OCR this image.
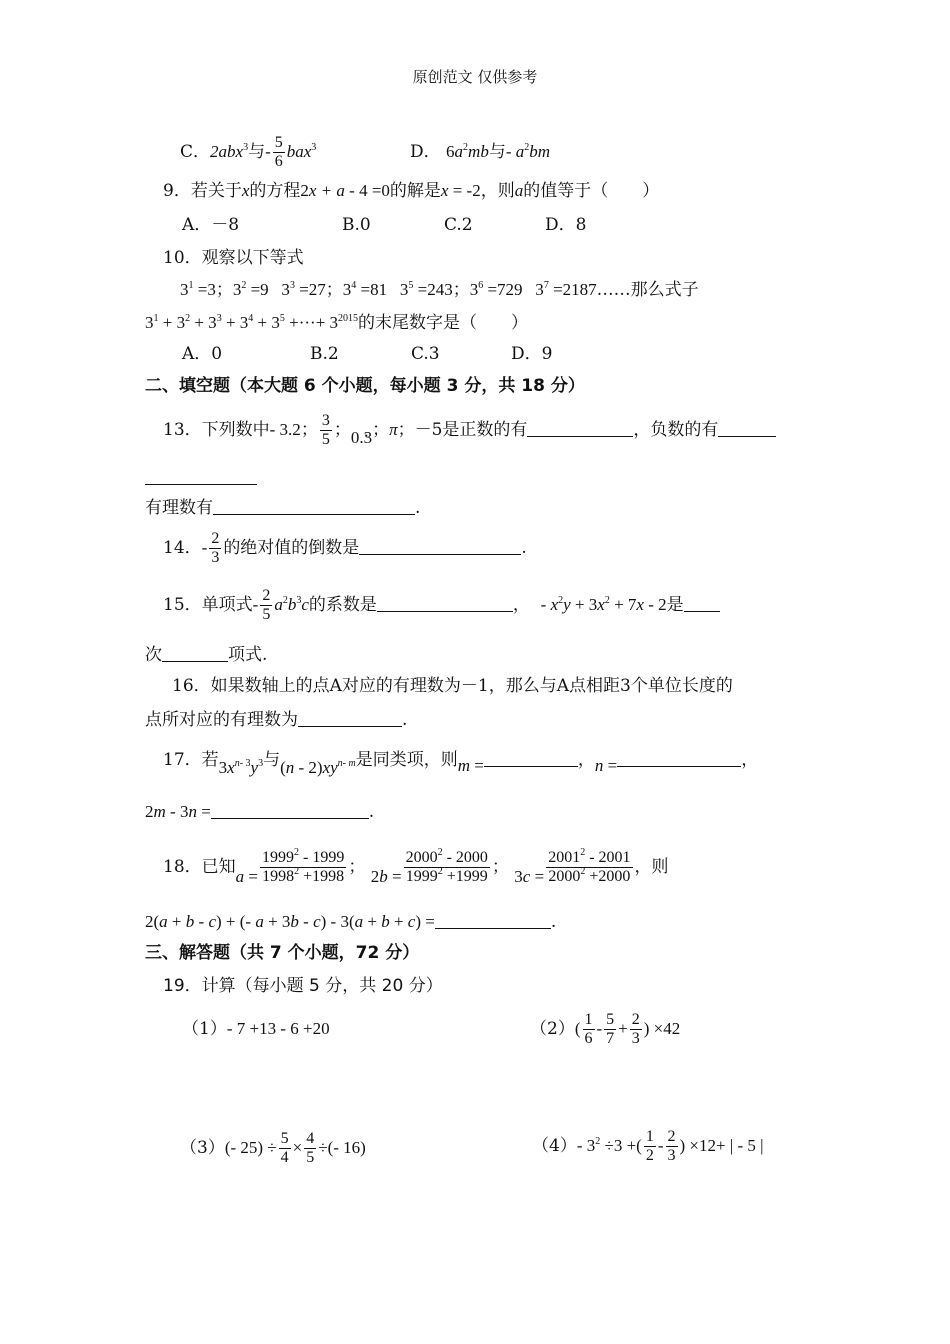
原创范文 仅供参考
C．2abx$^3$与- $\frac{5}{6} bax^3$	D． $6a^2mb$与- $a^2bm$
9．若关于x的方程2x + a - 4 =0的解是x = -2，则a的值等于（　　）
A．－8	B.0	C.2	D．8
10．观察以下等式
$3^1 =3$；$3^2 =9$   $3^3 =27$；$3^4 =81$   $3^5 =243$；$3^6 =729$   $3^7$ =2187……那么式子
$3^1 + 3^2 + 3^3 + 3^4 + 3^5$ +···+ $3^{2015}$的末尾数字是（　　）
A．0	B.2	C.3	D．9
二、填空题（本大题 6 个小题，每小题 3 分，共 18 分）
13．下列数中- 3.2； $\frac{3}{5}$ ；0.• 3；π；－5是正数的有	，负数的有
有理数有	.
14．- $\frac{2}{3}$ 的绝对值的倒数是	.
15．单项式- $\frac{2}{5} a^2b^3c$的系数是	， - $x^2y + 3x^2 + 7x - 2$是
次	项式.
16．如果数轴上的点A对应的有理数为－1，那么与A点相距3个单位长度的
点所对应的有理数为	.
17．若$3x^{n- 3}y^3$与$(n - 2)xy^{n- m}$是同类项，则m =	，n =	，
2m - 3n =	.
18．已知$a = \frac{1999^2 - 1999}{1998^2 +1998}$ ； $2b = \frac{2000^2 - 2000}{1999^2 +1999}$ ； $3c = \frac{2001^2 - 2001}{2000^2 +2000}$ ，则
2(a + b - c) + (- a + 3b - c) - 3(a + b + c) =	.
三、解答题（共 7 个小题，72 分）
19．计算（每小题 5 分，共 20 分）
（1）- 7 +13 - 6 +20	$(2)( \frac{1}{6} - \frac{5}{7} + \frac{2}{3}$ ) ×42
（3）(- $25) \div \frac{5}{4} \times \frac{4}{5}$ ÷(- 16)	（4）- $3^2 \div 3$ +( $\frac{1}{2} - \frac{2}{3}$ ) ×12+ | - 5 |
